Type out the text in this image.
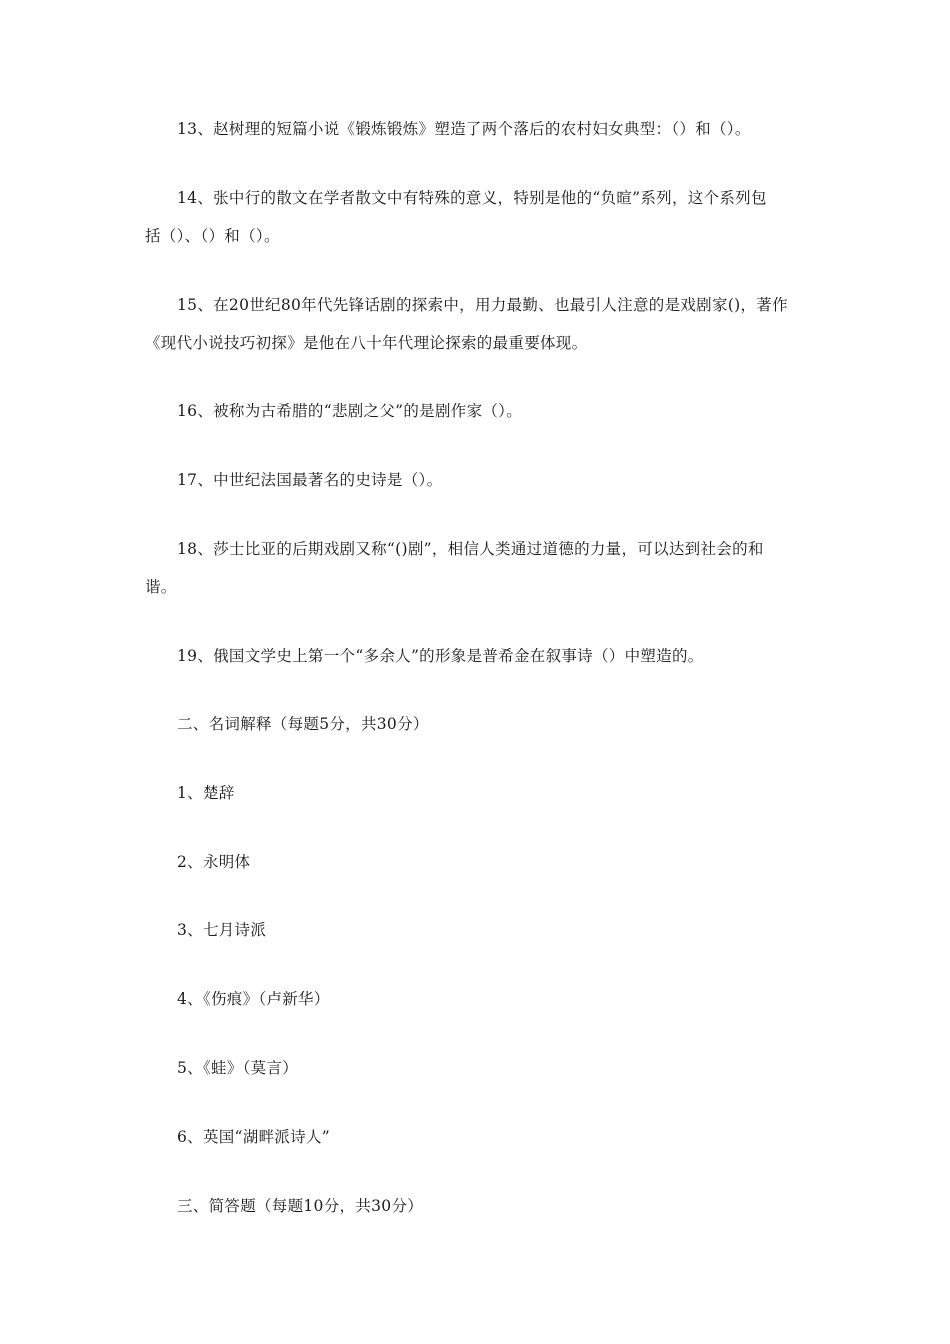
13、赵树理的短篇小说《锻炼锻炼》塑造了两个落后的农村妇女典型：（）和（）。
14、张中行的散文在学者散文中有特殊的意义，特别是他的“负暄”系列，这个系列包
括（）、（）和（）。
15、在20世纪80年代先锋话剧的探索中，用力最勤、也最引人注意的是戏剧家()，著作
《现代小说技巧初探》是他在八十年代理论探索的最重要体现。
16、被称为古希腊的“悲剧之父”的是剧作家（）。
17、中世纪法国最著名的史诗是（）。
18、莎士比亚的后期戏剧又称“()剧”，相信人类通过道德的力量，可以达到社会的和
谐。
19、俄国文学史上第一个“多余人”的形象是普希金在叙事诗（）中塑造的。
二、名词解释（每题5分，共30分）
1、楚辞
2、永明体
3、七月诗派
4、《伤痕》（卢新华）
5、《蛙》（莫言）
6、英国“湖畔派诗人”
三、简答题（每题10分，共30分）
